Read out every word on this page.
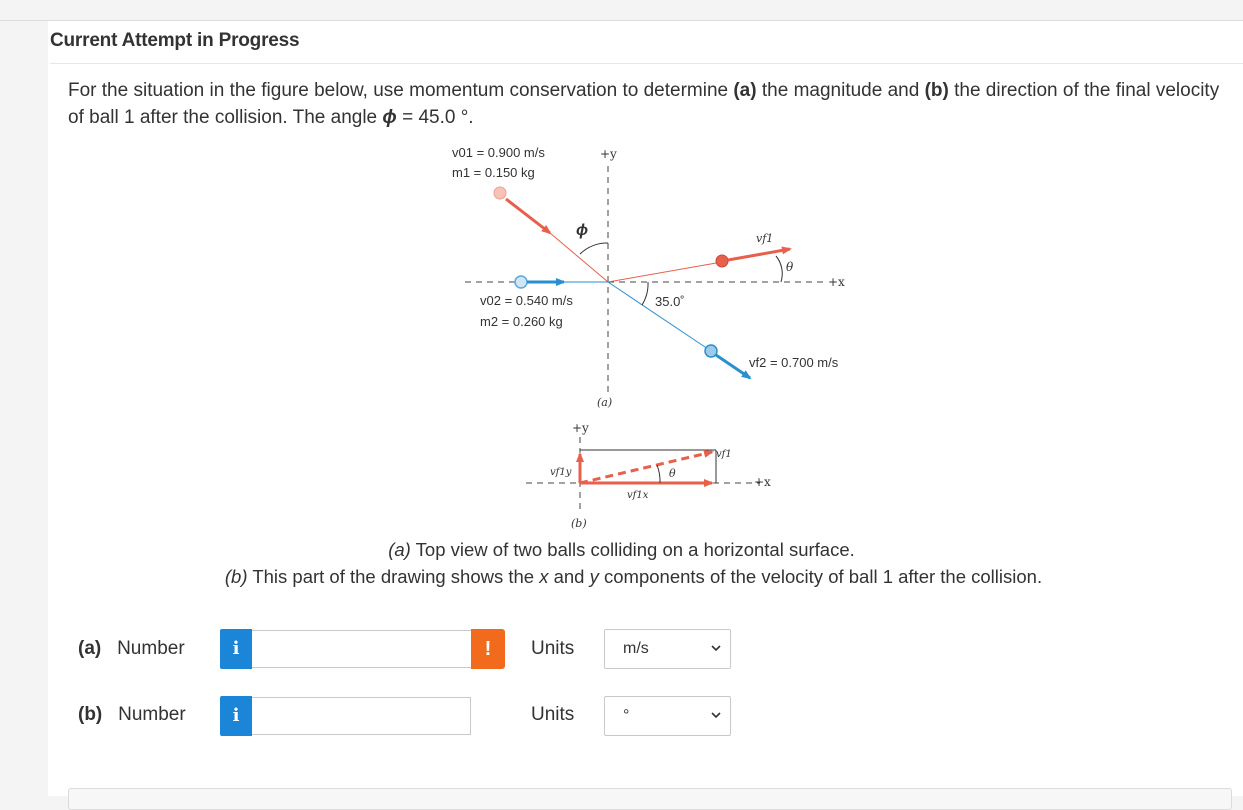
Current Attempt in Progress
For the situation in the figure below, use momentum conservation to determine (a) the magnitude and (b) the direction of the final velocity of ball 1 after the collision. The angle ϕ = 45.0 °.
v01 = 0.900 m/s
m1 = 0.150 kg
+y
+x
ϕ	vf1
θ
v02 = 0.540 m/s
m2 = 0.260 kg
vf2 = 0.700 m/s
35.0˚
(a)
+y
+x
θ
vf1y
vf1
vf1x
(b)
(a) Top view of two balls colliding on a horizontal surface.
(b) This part of the drawing shows the x and y components of the velocity of ball 1 after the collision.
(a) Number	i	!	Units	m/s
(b) Number	i	Units	°
